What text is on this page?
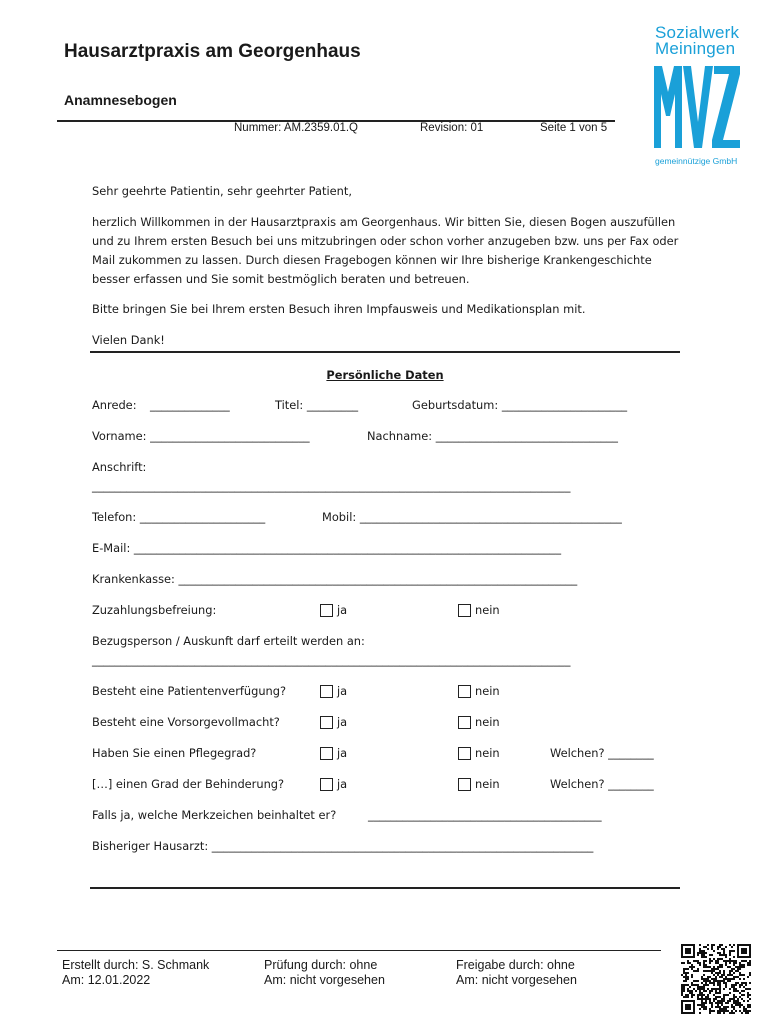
Hausarztpraxis am Georgenhaus
Anamnesebogen
Nummer: AM.2359.01.Q	Revision: 01	Seite 1 von 5
Sozialwerk
Meiningen
gemeinnützige GmbH
Sehr geehrte Patientin, sehr geehrter Patient,
herzlich Willkommen in der Hausarztpraxis am Georgenhaus. Wir bitten Sie, diesen Bogen auszufüllen und zu Ihrem ersten Besuch bei uns mitzubringen oder schon vorher anzugeben bzw. uns per Fax oder Mail zukommen zu lassen. Durch diesen Fragebogen können wir Ihre bisherige Krankengeschichte besser erfassen und Sie somit bestmöglich beraten und betreuen.
Bitte bringen Sie bei Ihrem ersten Besuch ihren Impfausweis und Medikationsplan mit.
Vielen Dank!
Persönliche Daten
Anrede: ______________	Titel: _________	Geburtsdatum: ______________________
Vorname: ____________________________	Nachname: ________________________________
Anschrift:
____________________________________________________________________________________
Telefon: ______________________	Mobil: ______________________________________________
E-Mail: ___________________________________________________________________________
Krankenkasse: ______________________________________________________________________
Zuzahlungsbefreiung:	ja	nein
Bezugsperson / Auskunft darf erteilt werden an:
____________________________________________________________________________________
Besteht eine Patientenverfügung?	ja	nein
Besteht eine Vorsorgevollmacht?	ja	nein
Haben Sie einen Pflegegrad?	ja	nein	Welchen? ________
[…] einen Grad der Behinderung?	ja	nein	Welchen? ________
Falls ja, welche Merkzeichen beinhaltet er?	_________________________________________
Bisheriger Hausarzt: ___________________________________________________________________
Erstellt durch: S. Schmank
Am: 12.01.2022
Prüfung durch: ohne
Am: nicht vorgesehen
Freigabe durch: ohne
Am: nicht vorgesehen
